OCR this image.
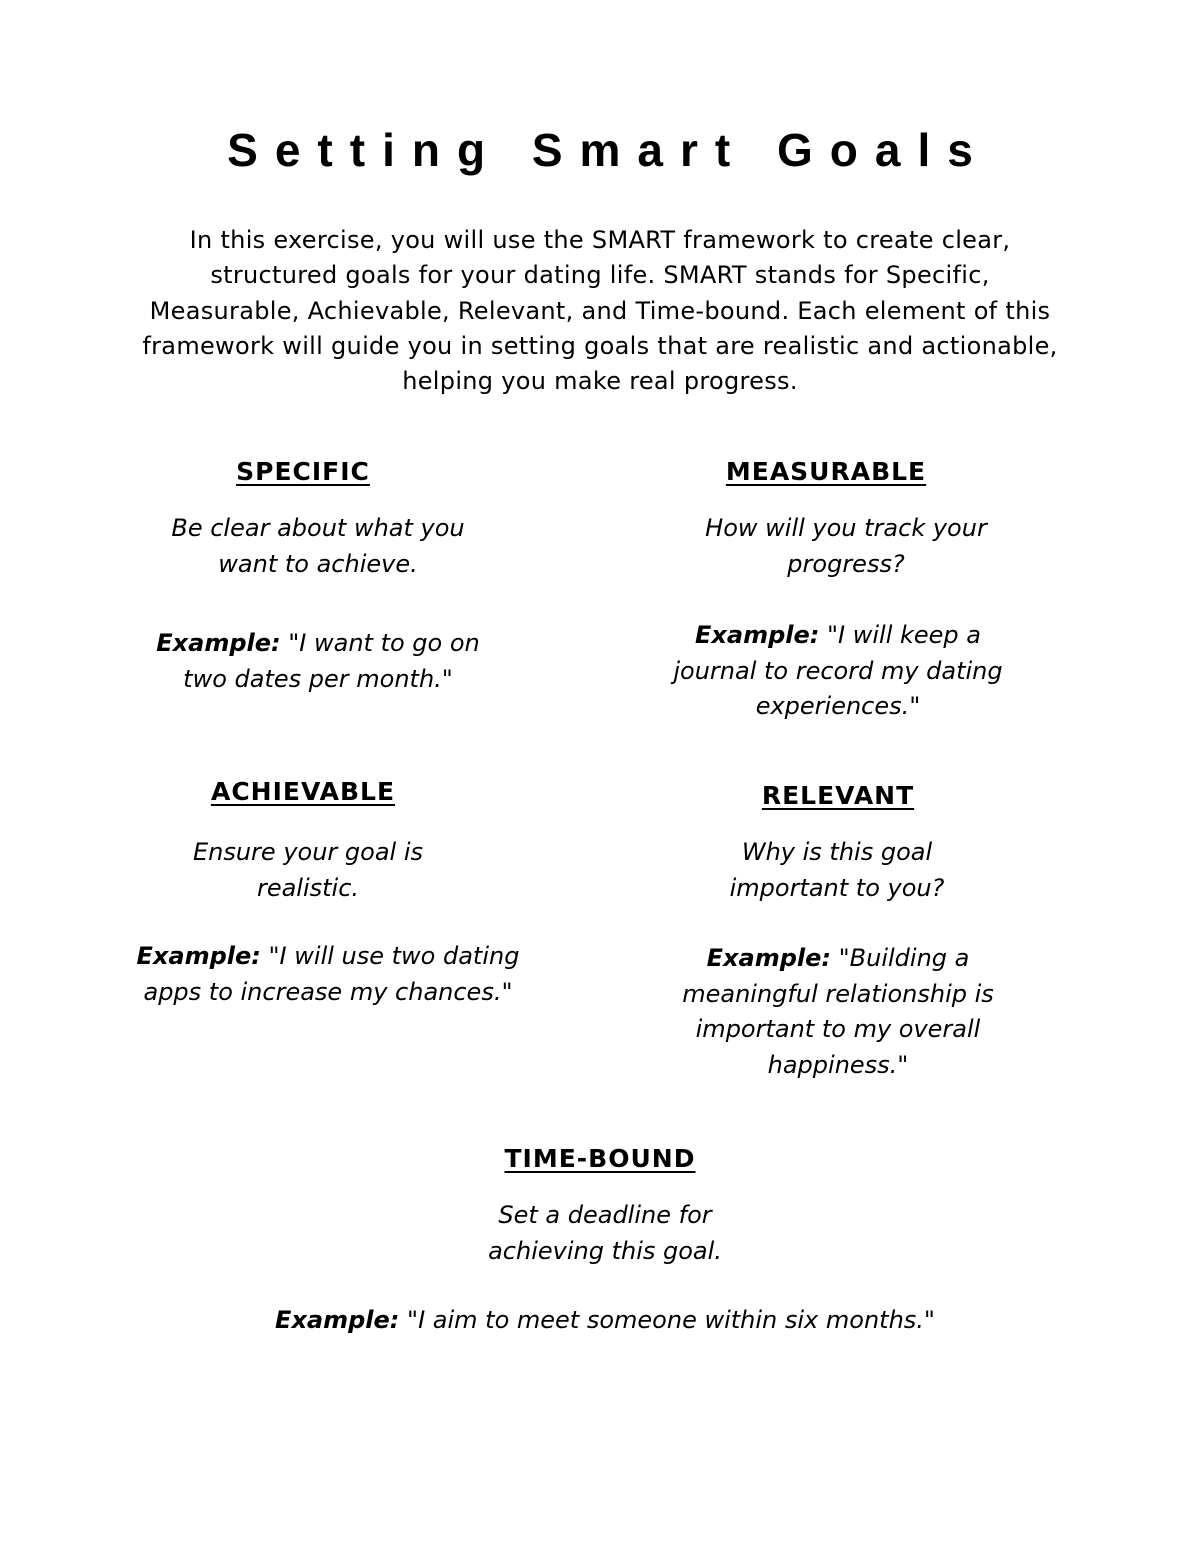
Setting Smart Goals
In this exercise, you will use the SMART framework to create clear, structured goals for your dating life. SMART stands for Specific, Measurable, Achievable, Relevant, and Time-bound. Each element of this framework will guide you in setting goals that are realistic and actionable, helping you make real progress.
SPECIFIC
Be clear about what you want to achieve.
Example: "I want to go on two dates per month."
MEASURABLE
How will you track your progress?
Example: "I will keep a journal to record my dating experiences."
ACHIEVABLE
Ensure your goal is realistic.
Example: "I will use two dating apps to increase my chances."
RELEVANT
Why is this goal important to you?
Example: "Building a meaningful relationship is important to my overall happiness."
TIME-BOUND
Set a deadline for achieving this goal.
Example: "I aim to meet someone within six months."
